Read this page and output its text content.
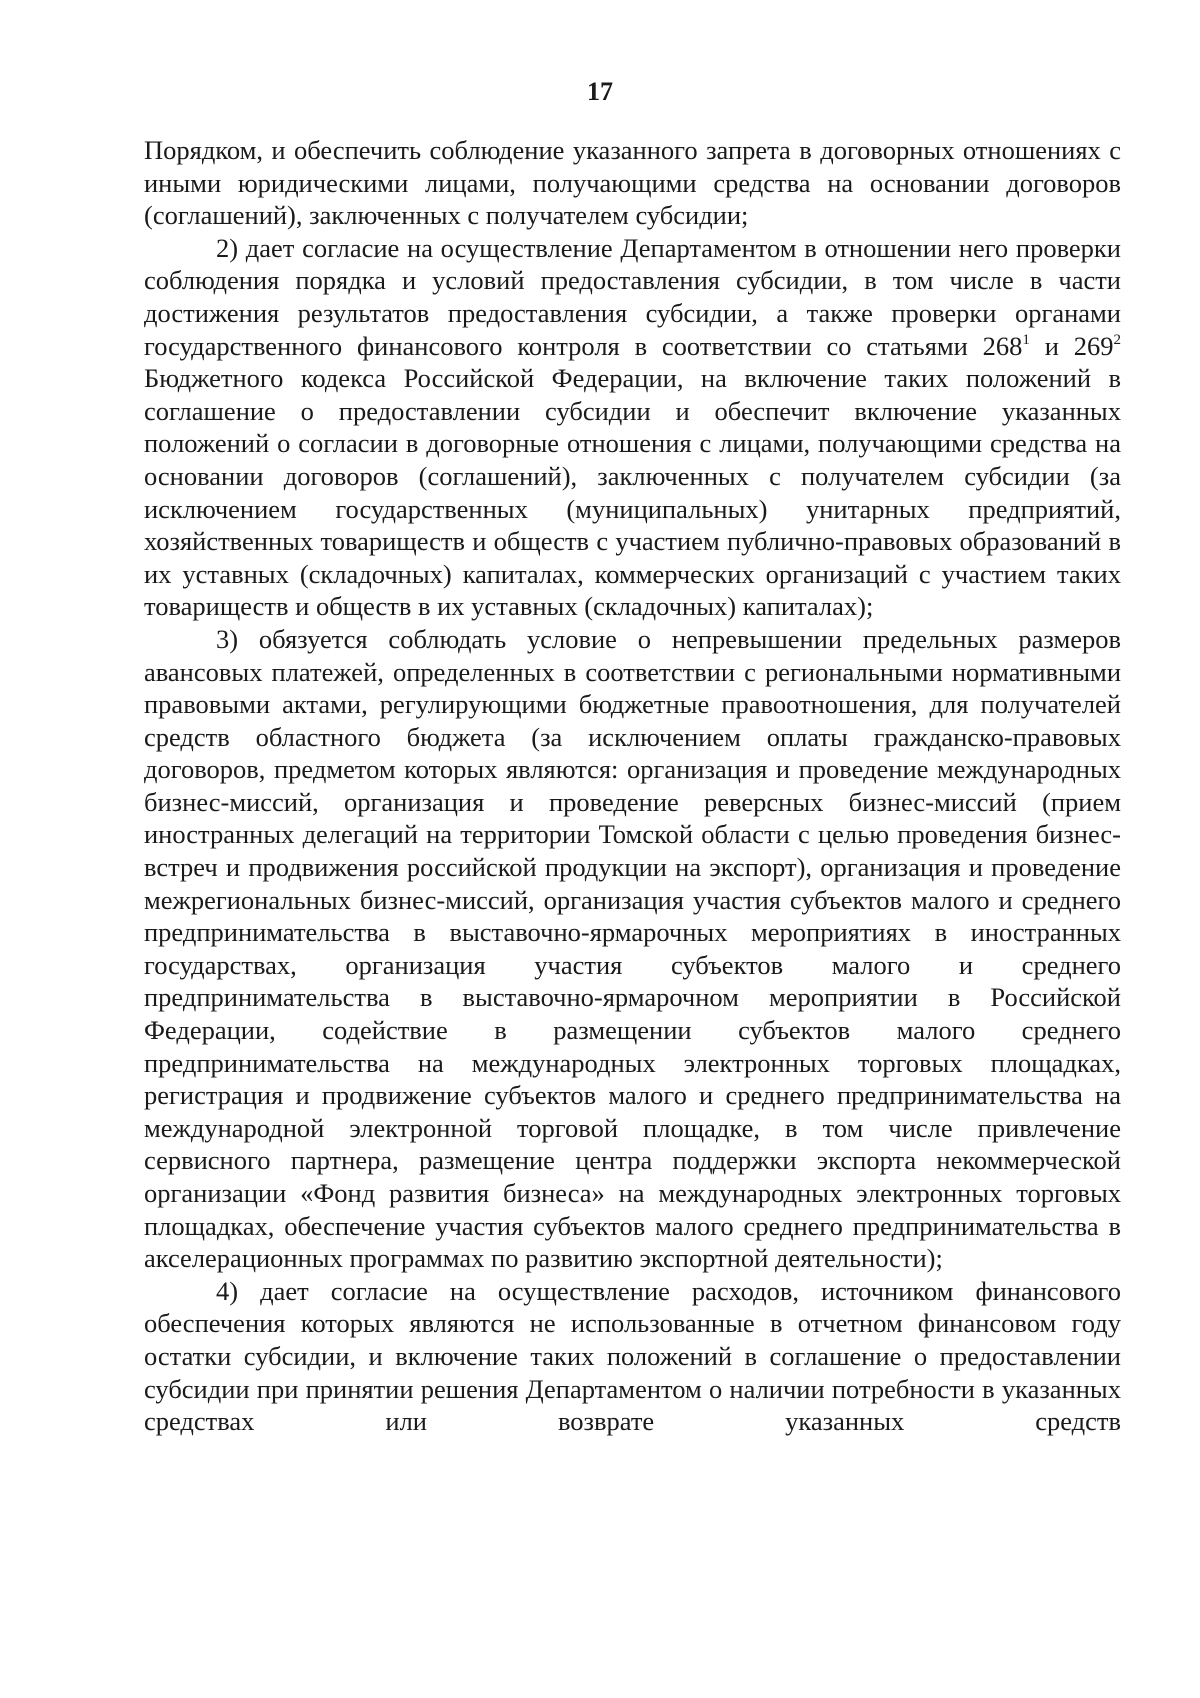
17

Порядком, и обеспечить соблюдение указанного запрета в договорных отношениях с иными юридическими лицами, получающими средства на основании договоров (соглашений), заключенных с получателем субсидии;

2) дает согласие на осуществление Департаментом в отношении него проверки соблюдения порядка и условий предоставления субсидии, в том числе в части достижения результатов предоставления субсидии, а также проверки органами государственного финансового контроля в соответствии со статьями $268^1$ и $269^2$ Бюджетного кодекса Российской Федерации, на включение таких положений в соглашение о предоставлении субсидии и обеспечит включение указанных положений о согласии в договорные отношения с лицами, получающими средства на основании договоров (соглашений), заключенных с получателем субсидии (за исключением государственных (муниципальных) унитарных предприятий, хозяйственных товариществ и обществ с участием публично-правовых образований в их уставных (складочных) капиталах, коммерческих организаций с участием таких товариществ и обществ в их уставных (складочных) капиталах);

3) обязуется соблюдать условие о непревышении предельных размеров авансовых платежей, определенных в соответствии с региональными нормативными правовыми актами, регулирующими бюджетные правоотношения, для получателей средств областного бюджета (за исключением оплаты гражданско-правовых договоров, предметом которых являются: организация и проведение международных бизнес-миссий, организация и проведение реверсных бизнес-миссий (прием иностранных делегаций на территории Томской области с целью проведения бизнес-встреч и продвижения российской продукции на экспорт), организация и проведение межрегиональных бизнес-миссий, организация участия субъектов малого и среднего предпринимательства в выставочно-ярмарочных мероприятиях в иностранных государствах, организация участия субъектов малого и среднего предпринимательства в выставочно-ярмарочном мероприятии в Российской Федерации, содействие в размещении субъектов малого среднего предпринимательства на международных электронных торговых площадках, регистрация и продвижение субъектов малого и среднего предпринимательства на международной электронной торговой площадке, в том числе привлечение сервисного партнера, размещение центра поддержки экспорта некоммерческой организации «Фонд развития бизнеса» на международных электронных торговых площадках, обеспечение участия субъектов малого среднего предпринимательства в акселерационных программах по развитию экспортной деятельности);

4) дает согласие на осуществление расходов, источником финансового обеспечения которых являются не использованные в отчетном финансовом году остатки субсидии, и включение таких положений в соглашение о предоставлении субсидии при принятии решения Департаментом о наличии потребности в указанных средствах или возврате указанных средств
